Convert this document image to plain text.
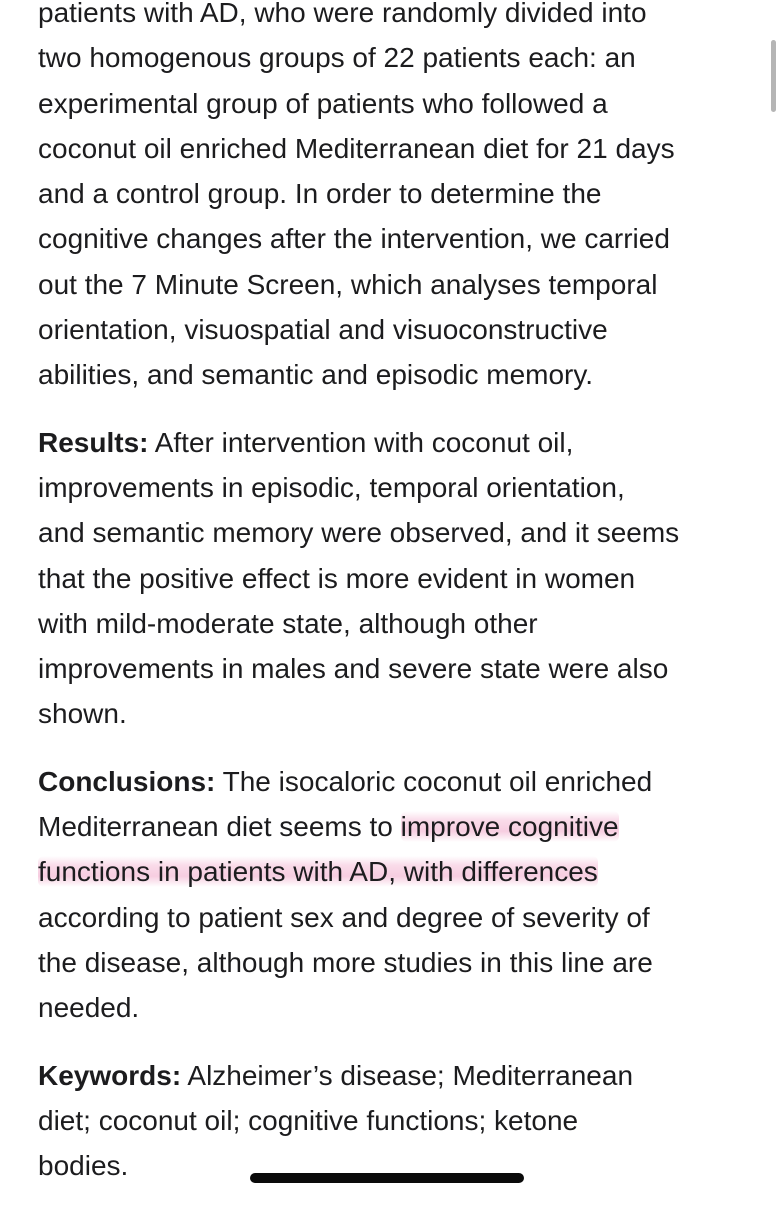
patients with AD, who were randomly divided into
two homogenous groups of 22 patients each: an
experimental group of patients who followed a
coconut oil enriched Mediterranean diet for 21 days
and a control group. In order to determine the
cognitive changes after the intervention, we carried
out the 7 Minute Screen, which analyses temporal
orientation, visuospatial and visuoconstructive
abilities, and semantic and episodic memory.

Results: After intervention with coconut oil,
improvements in episodic, temporal orientation,
and semantic memory were observed, and it seems
that the positive effect is more evident in women
with mild-moderate state, although other
improvements in males and severe state were also
shown.

Conclusions: The isocaloric coconut oil enriched
Mediterranean diet seems to improve cognitive
functions in patients with AD, with differences
according to patient sex and degree of severity of
the disease, although more studies in this line are
needed.

Keywords: Alzheimer’s disease; Mediterranean
diet; coconut oil; cognitive functions; ketone
bodies.
